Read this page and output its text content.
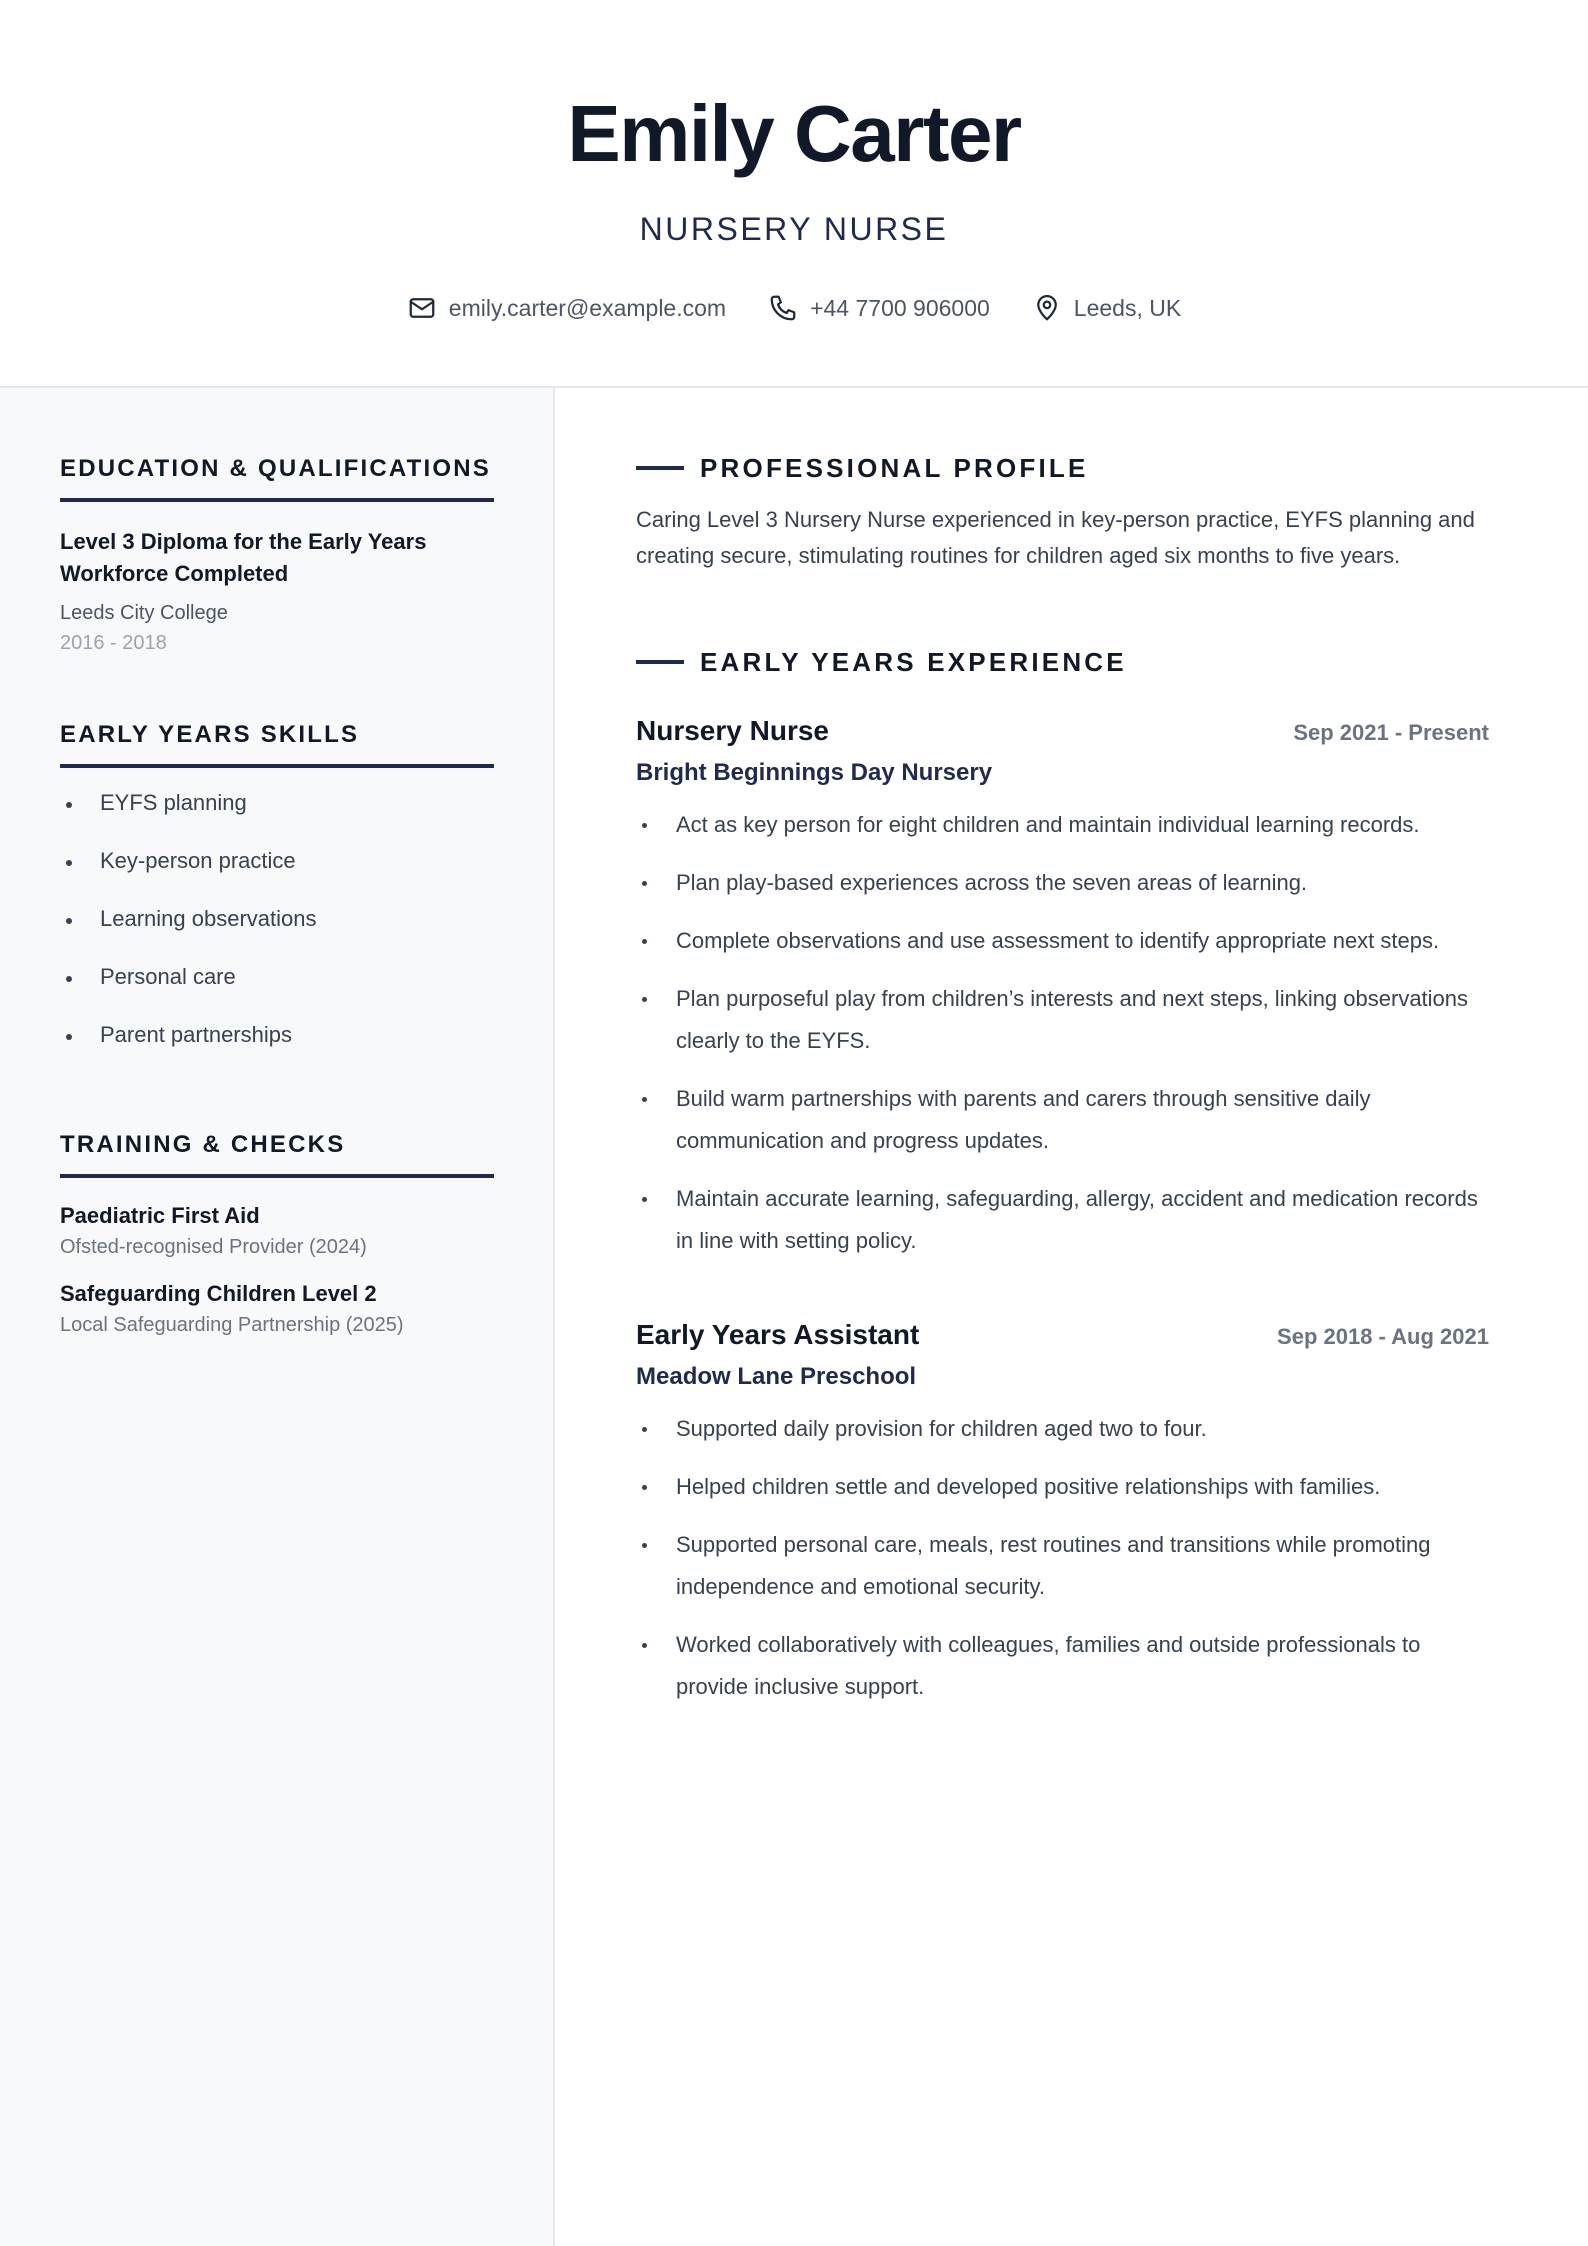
Emily Carter
NURSERY NURSE
emily.carter@example.com	+44 7700 906000	Leeds, UK
EDUCATION & QUALIFICATIONS
Level 3 Diploma for the Early Years Workforce Completed
Leeds City College
2016 - 2018
EARLY YEARS SKILLS
EYFS planning
Key-person practice
Learning observations
Personal care
Parent partnerships
TRAINING & CHECKS
Paediatric First Aid
Ofsted-recognised Provider (2024)
Safeguarding Children Level 2
Local Safeguarding Partnership (2025)
PROFESSIONAL PROFILE

Caring Level 3 Nursery Nurse experienced in key-person practice, EYFS planning and creating secure, stimulating routines for children aged six months to five years.

EARLY YEARS EXPERIENCE
Nursery Nurse	Sep 2021 - Present
Bright Beginnings Day Nursery
Act as key person for eight children and maintain individual learning records.
Plan play-based experiences across the seven areas of learning.
Complete observations and use assessment to identify appropriate next steps.
Plan purposeful play from children’s interests and next steps, linking observations clearly to the EYFS.
Build warm partnerships with parents and carers through sensitive daily communication and progress updates.
Maintain accurate learning, safeguarding, allergy, accident and medication records in line with setting policy.
Early Years Assistant	Sep 2018 - Aug 2021
Meadow Lane Preschool
Supported daily provision for children aged two to four.
Helped children settle and developed positive relationships with families.
Supported personal care, meals, rest routines and transitions while promoting independence and emotional security.
Worked collaboratively with colleagues, families and outside professionals to provide inclusive support.
